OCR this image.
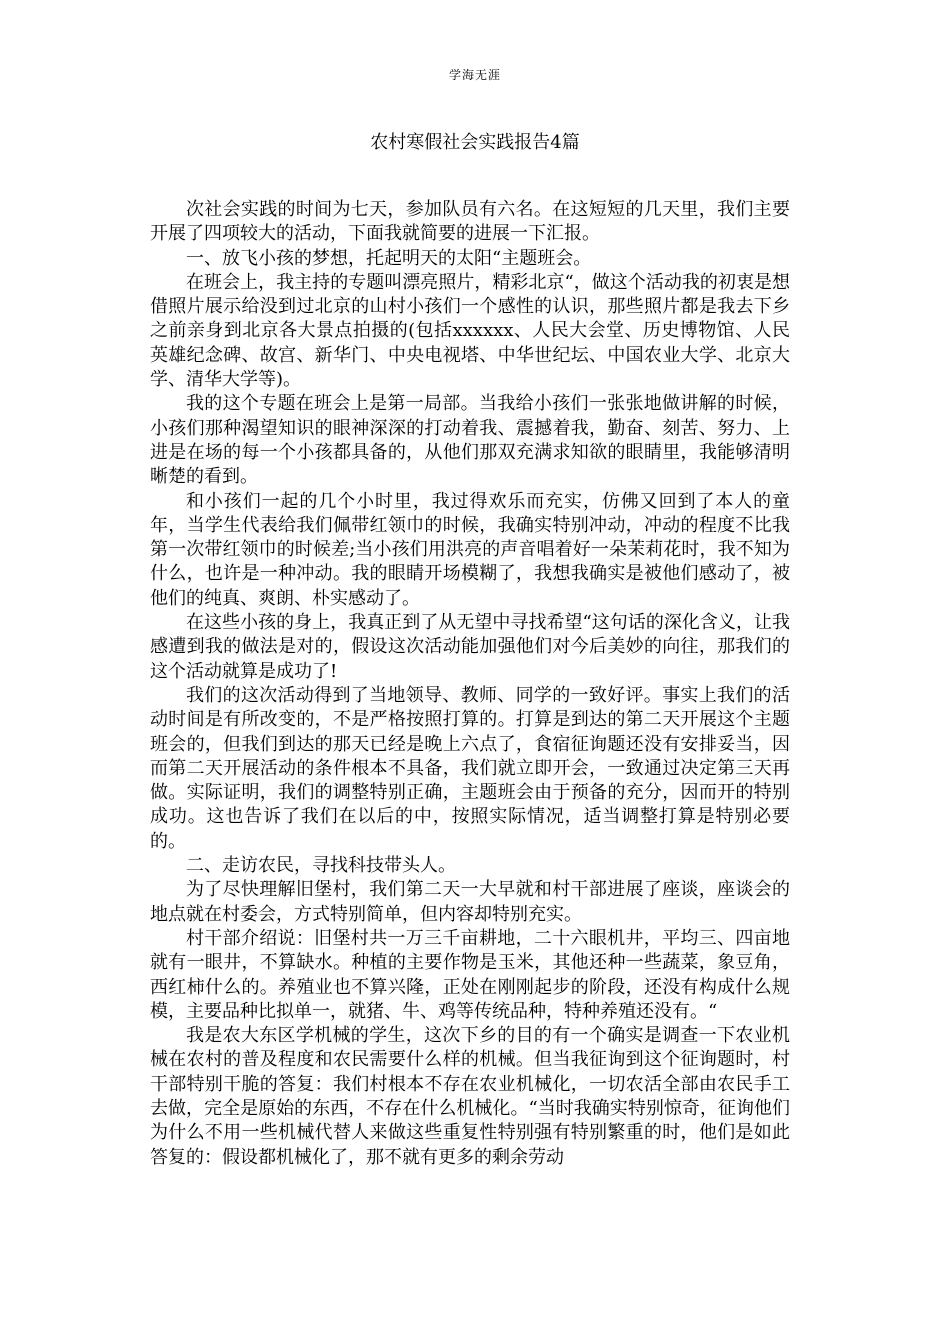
学海无涯
农村寒假社会实践报告4篇

次社会实践的时间为七天，参加队员有六名。在这短短的几天里，我们主要开展了四项较大的活动，下面我就简要的进展一下汇报。

一、放飞小孩的梦想，托起明天的太阳“主题班会。

在班会上，我主持的专题叫漂亮照片，精彩北京“，做这个活动我的初衷是想借照片展示给没到过北京的山村小孩们一个感性的认识，那些照片都是我去下乡之前亲身到北京各大景点拍摄的(包括xxxxxx、人民大会堂、历史博物馆、人民英雄纪念碑、故宫、新华门、中央电视塔、中华世纪坛、中国农业大学、北京大学、清华大学等)。

我的这个专题在班会上是第一局部。当我给小孩们一张张地做讲解的时候，小孩们那种渴望知识的眼神深深的打动着我、震撼着我，勤奋、刻苦、努力、上进是在场的每一个小孩都具备的，从他们那双充满求知欲的眼睛里，我能够清明晰楚的看到。

和小孩们一起的几个小时里，我过得欢乐而充实，仿佛又回到了本人的童年，当学生代表给我们佩带红领巾的时候，我确实特别冲动，冲动的程度不比我第一次带红领巾的时候差;当小孩们用洪亮的声音唱着好一朵茉莉花时，我不知为什么，也许是一种冲动。我的眼睛开场模糊了，我想我确实是被他们感动了，被他们的纯真、爽朗、朴实感动了。

在这些小孩的身上，我真正到了从无望中寻找希望“这句话的深化含义，让我感遭到我的做法是对的，假设这次活动能加强他们对今后美妙的向往，那我们的这个活动就算是成功了!

我们的这次活动得到了当地领导、教师、同学的一致好评。事实上我们的活动时间是有所改变的，不是严格按照打算的。打算是到达的第二天开展这个主题班会的，但我们到达的那天已经是晚上六点了，食宿征询题还没有安排妥当，因而第二天开展活动的条件根本不具备，我们就立即开会，一致通过决定第三天再做。实际证明，我们的调整特别正确，主题班会由于预备的充分，因而开的特别成功。这也告诉了我们在以后的中，按照实际情况，适当调整打算是特别必要的。

二、走访农民，寻找科技带头人。

为了尽快理解旧堡村，我们第二天一大早就和村干部进展了座谈，座谈会的地点就在村委会，方式特别简单，但内容却特别充实。

村干部介绍说：旧堡村共一万三千亩耕地，二十六眼机井，平均三、四亩地就有一眼井，不算缺水。种植的主要作物是玉米，其他还种一些蔬菜，象豆角，西红柿什么的。养殖业也不算兴隆，正处在刚刚起步的阶段，还没有构成什么规模，主要品种比拟单一，就猪、牛、鸡等传统品种，特种养殖还没有。“

我是农大东区学机械的学生，这次下乡的目的有一个确实是调查一下农业机械在农村的普及程度和农民需要什么样的机械。但当我征询到这个征询题时，村干部特别干脆的答复：我们村根本不存在农业机械化，一切农活全部由农民手工去做，完全是原始的东西，不存在什么机械化。“当时我确实特别惊奇，征询他们为什么不用一些机械代替人来做这些重复性特别强有特别繁重的时，他们是如此答复的：假设都机械化了，那不就有更多的剩余劳动
